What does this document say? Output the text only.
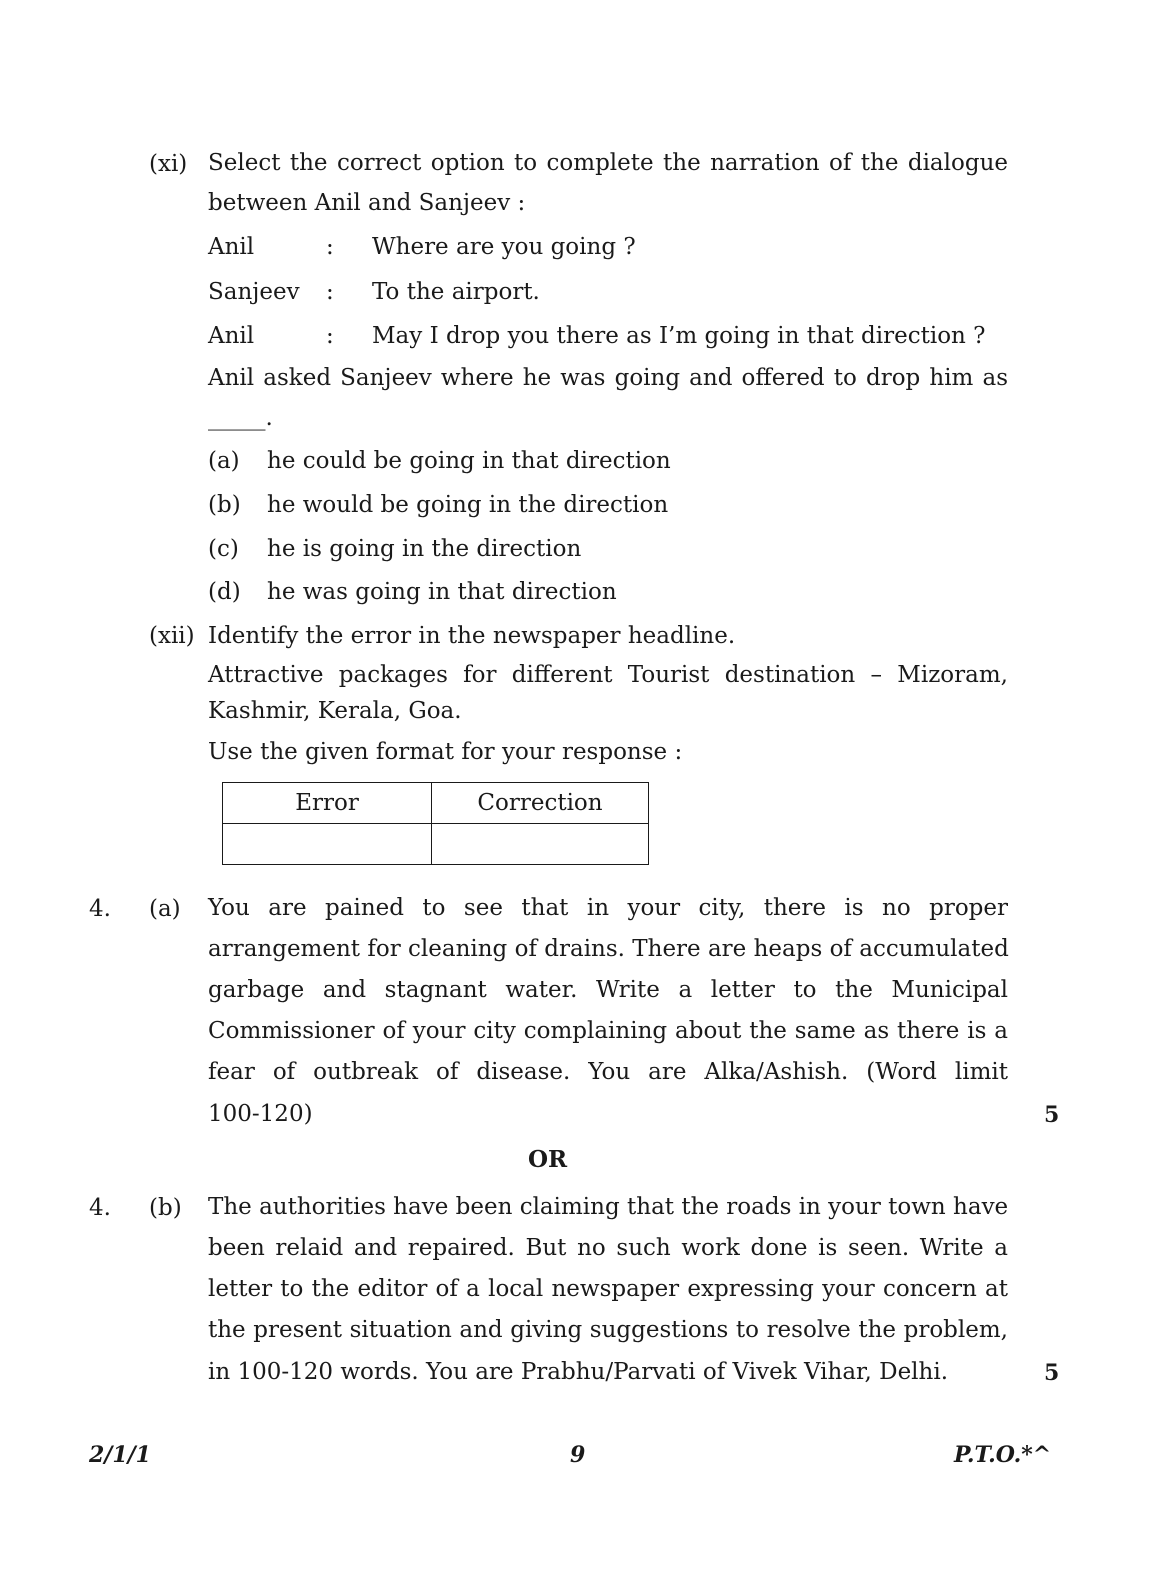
(xi) Select the correct option to complete the narration of the dialogue
between Anil and Sanjeev :
Anil	: Where are you going ?
Sanjeev : To the airport.
Anil	: May I drop you there as I’m going in that direction ?
Anil asked Sanjeev where he was going and offered to drop him as
_____.
(a) he could be going in that direction
(b) he would be going in the direction
(c) he is going in the direction
(d) he was going in that direction
(xii) Identify the error in the newspaper headline.
Attractive packages for different Tourist destination – Mizoram,
Kashmir, Kerala, Goa.
Use the given format for your response :
Error	Correction

4. (a) You are pained to see that in your city, there is no proper
arrangement for cleaning of drains. There are heaps of accumulated
garbage and stagnant water. Write a letter to the Municipal
Commissioner of your city complaining about the same as there is a
fear of outbreak of disease. You are Alka/Ashish. (Word limit
100-120)	5
OR
4. (b) The authorities have been claiming that the roads in your town have
been relaid and repaired. But no such work done is seen. Write a
letter to the editor of a local newspaper expressing your concern at
the present situation and giving suggestions to resolve the problem,
in 100-120 words. You are Prabhu/Parvati of Vivek Vihar, Delhi.	5
2/1/1	9	P.T.O.*^
